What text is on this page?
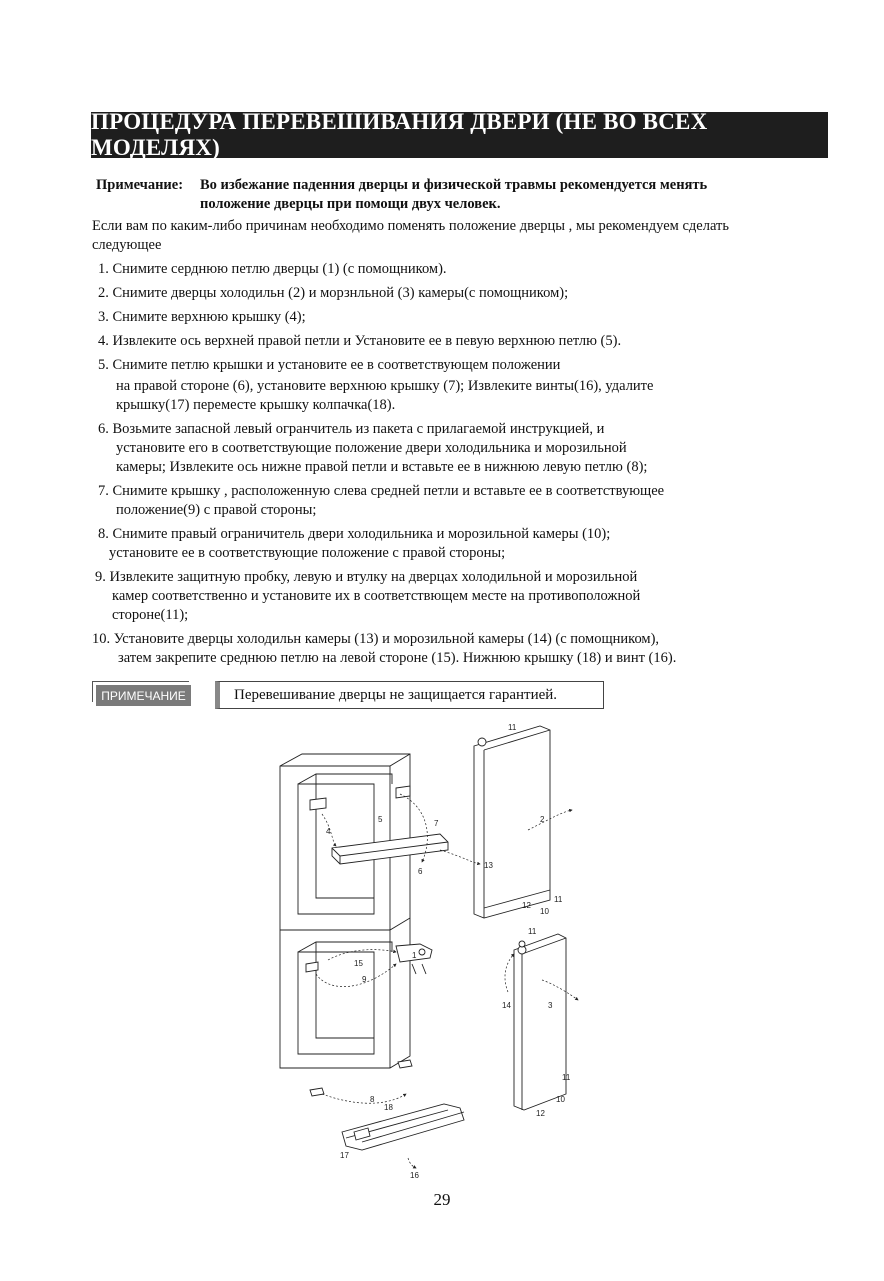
ПРОЦЕДУРА ПЕРЕВЕШИВАНИЯ ДВЕРИ (НЕ ВО ВСЕХ МОДЕЛЯХ)
Примечание: Во избежание паденния дверцы и физической травмы рекомендуется менять
положение дверцы при помощи двух человек.
Если вам по каким-либо причинам необходимо поменять положение дверцы , мы рекомендуем сделать следующее
1. Снимите сердню‌ю петлю дверцы (1) (с помощником).
2. Снимите дверцы холодильн (2) и морзнльной (3) камеры(с помощником);
3. Снимите верхню‌ю крышку (4);
4. Извлеките ось верхней правой петли и Установите ее в певую верхню‌ю петлю (5).
5. Снимите петлю крышки и установите ее в соответствующем положении
на правой стороне (6), установите верхню‌ю крышку (7); Извлеките винты(16), удалите
крышку(17) переместе крышку колпачка(18).
6. Возьмите запасной левый огранчитель из пакета с прилагаемой инструкцией, и
установите его в соответствующие положение двери холодильника и морозильной
камеры; Извлеките ось нижне правой петли и вставьте ее в нижню‌ю левую петлю (8);
7. Снимите крышку , расположенную слева средней петли и вставьте ее в соответствующее
положение(9) с правой стороны;
8. Снимите правый ограничитель двери холодильника и морозильной камеры (10);
установите ее в соответствующие положение с правой стороны;
9. Извлеките защитную пробку, левую и втулку на дверцах холодильной и морозильной
камер соответственно и установите их в соответствющем месте на противоположной
стороне(11);
10. Установите дверцы холодильн камеры (13) и морозильной камеры (14) (с помощником),
затем закрепите среднюю петлю на левой стороне (15). Нижнюю крышку (18) и винт (16).
ПРИМЕЧАНИЕ	Перевешивание дверцы не защищается гарантией.
1
2
3
4
5
6
7
8
9
10
10
11
11
11
11
12
12
13
14
15
16
17
18
29
